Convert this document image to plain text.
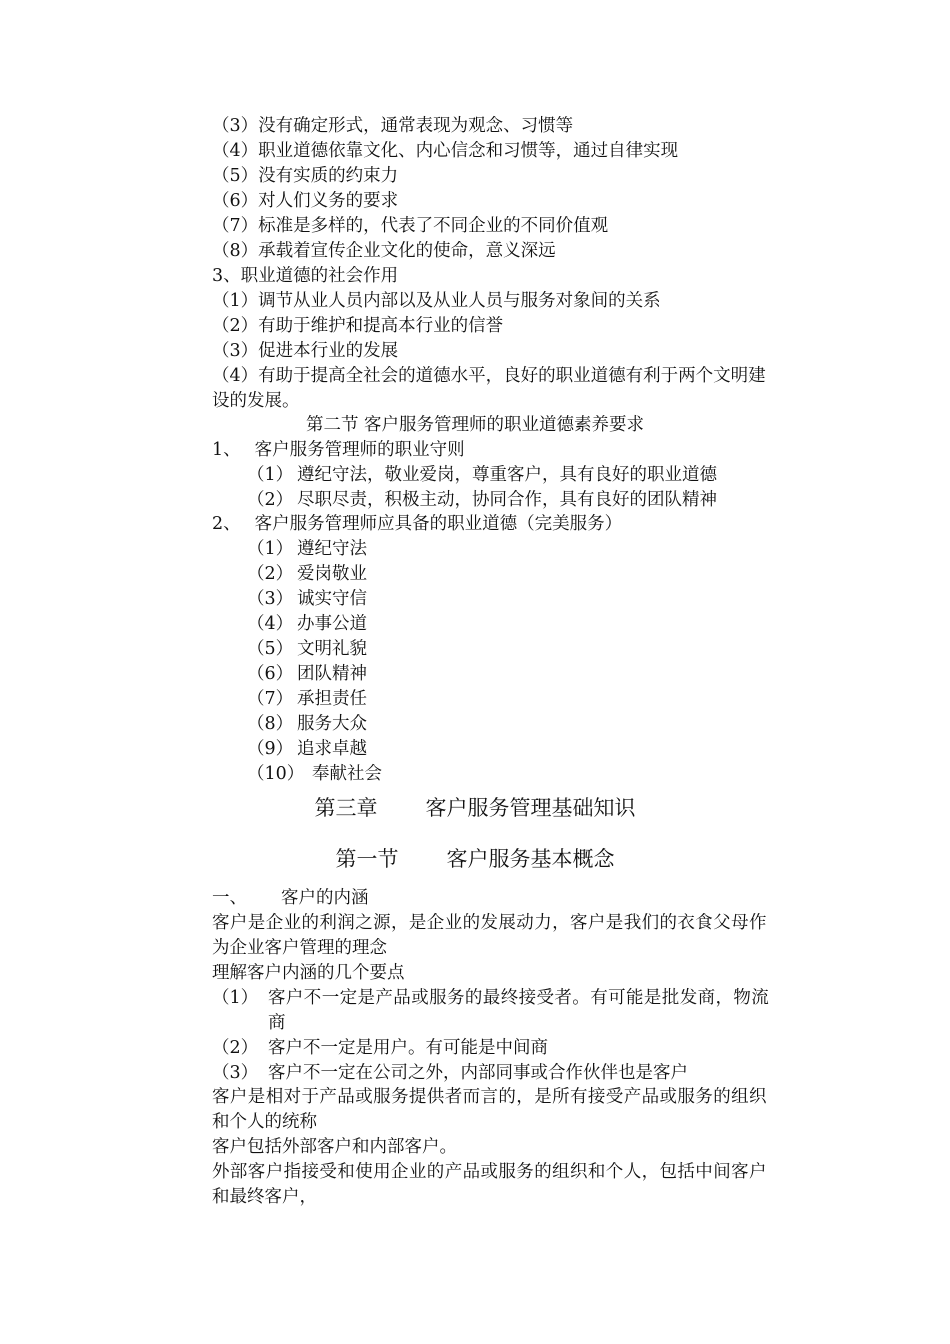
（3）没有确定形式，通常表现为观念、习惯等
（4）职业道德依靠文化、内心信念和习惯等，通过自律实现
（5）没有实质的约束力
（6）对人们义务的要求
（7）标准是多样的，代表了不同企业的不同价值观
（8）承载着宣传企业文化的使命，意义深远
3、职业道德的社会作用
（1）调节从业人员内部以及从业人员与服务对象间的关系
（2）有助于维护和提高本行业的信誉
（3）促进本行业的发展
（4）有助于提高全社会的道德水平，良好的职业道德有利于两个文明建
设的发展。
第二节 客户服务管理师的职业道德素养要求
1、 客户服务管理师的职业守则
（1） 遵纪守法，敬业爱岗，尊重客户，具有良好的职业道德
（2） 尽职尽责，积极主动，协同合作，具有良好的团队精神
2、 客户服务管理师应具备的职业道德（完美服务）
（1） 遵纪守法
（2） 爱岗敬业
（3） 诚实守信
（4） 办事公道
（5） 文明礼貌
（6） 团队精神
（7） 承担责任
（8） 服务大众
（9） 追求卓越
（10） 奉献社会
第三章 客户服务管理基础知识
第一节 客户服务基本概念
一、 客户的内涵
客户是企业的利润之源，是企业的发展动力，客户是我们的衣食父母作
为企业客户管理的理念
理解客户内涵的几个要点
（1） 客户不一定是产品或服务的最终接受者。有可能是批发商，物流
商
（2） 客户不一定是用户。有可能是中间商
（3） 客户不一定在公司之外，内部同事或合作伙伴也是客户
客户是相对于产品或服务提供者而言的，是所有接受产品或服务的组织
和个人的统称
客户包括外部客户和内部客户。
外部客户指接受和使用企业的产品或服务的组织和个人，包括中间客户
和最终客户，
